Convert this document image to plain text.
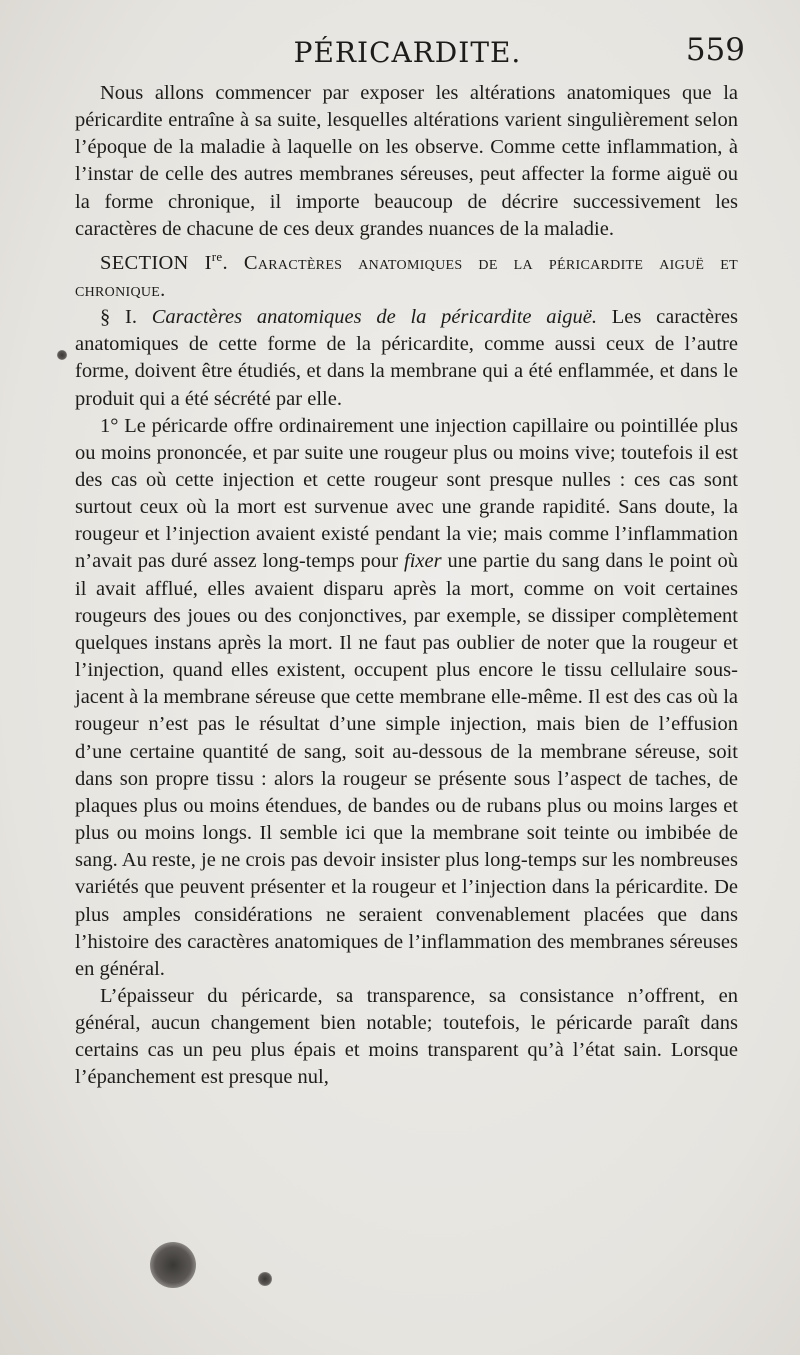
PÉRICARDITE.	559

Nous allons commencer par exposer les altérations anatomiques que la péricardite entraîne à sa suite, lesquelles altérations varient singulièrement selon l’époque de la maladie à laquelle on les observe. Comme cette inflammation, à l’instar de celle des autres membranes séreuses, peut affecter la forme aiguë ou la forme chronique, il importe beaucoup de décrire successivement les caractères de chacune de ces deux grandes nuances de la maladie.

SECTION Ire. Caractères anatomiques de la péricardite aiguë et chronique.

§ I. Caractères anatomiques de la péricardite aiguë. Les caractères anatomiques de cette forme de la péricardite, comme aussi ceux de l’autre forme, doivent être étudiés, et dans la membrane qui a été enflammée, et dans le produit qui a été sécrété par elle.

1° Le péricarde offre ordinairement une injection capillaire ou pointillée plus ou moins prononcée, et par suite une rougeur plus ou moins vive; toutefois il est des cas où cette injection et cette rougeur sont presque nulles : ces cas sont surtout ceux où la mort est survenue avec une grande rapidité. Sans doute, la rougeur et l’injection avaient existé pendant la vie; mais comme l’inflammation n’avait pas duré assez long-temps pour fixer une partie du sang dans le point où il avait afflué, elles avaient disparu après la mort, comme on voit certaines rougeurs des joues ou des conjonctives, par exemple, se dissiper complètement quelques instans après la mort. Il ne faut pas oublier de noter que la rougeur et l’injection, quand elles existent, occupent plus encore le tissu cellulaire sous-jacent à la membrane séreuse que cette membrane elle-même. Il est des cas où la rougeur n’est pas le résultat d’une simple injection, mais bien de l’effusion d’une certaine quantité de sang, soit au-dessous de la membrane séreuse, soit dans son propre tissu : alors la rougeur se présente sous l’aspect de taches, de plaques plus ou moins étendues, de bandes ou de rubans plus ou moins larges et plus ou moins longs. Il semble ici que la membrane soit teinte ou imbibée de sang. Au reste, je ne crois pas devoir insister plus long-temps sur les nombreuses variétés que peuvent présenter et la rougeur et l’injection dans la péricardite. De plus amples considérations ne seraient convenablement placées que dans l’histoire des caractères anatomiques de l’inflammation des membranes séreuses en général.

L’épaisseur du péricarde, sa transparence, sa consistance n’offrent, en général, aucun changement bien notable; toutefois, le péricarde paraît dans certains cas un peu plus épais et moins transparent qu’à l’état sain. Lorsque l’épanchement est presque nul,
